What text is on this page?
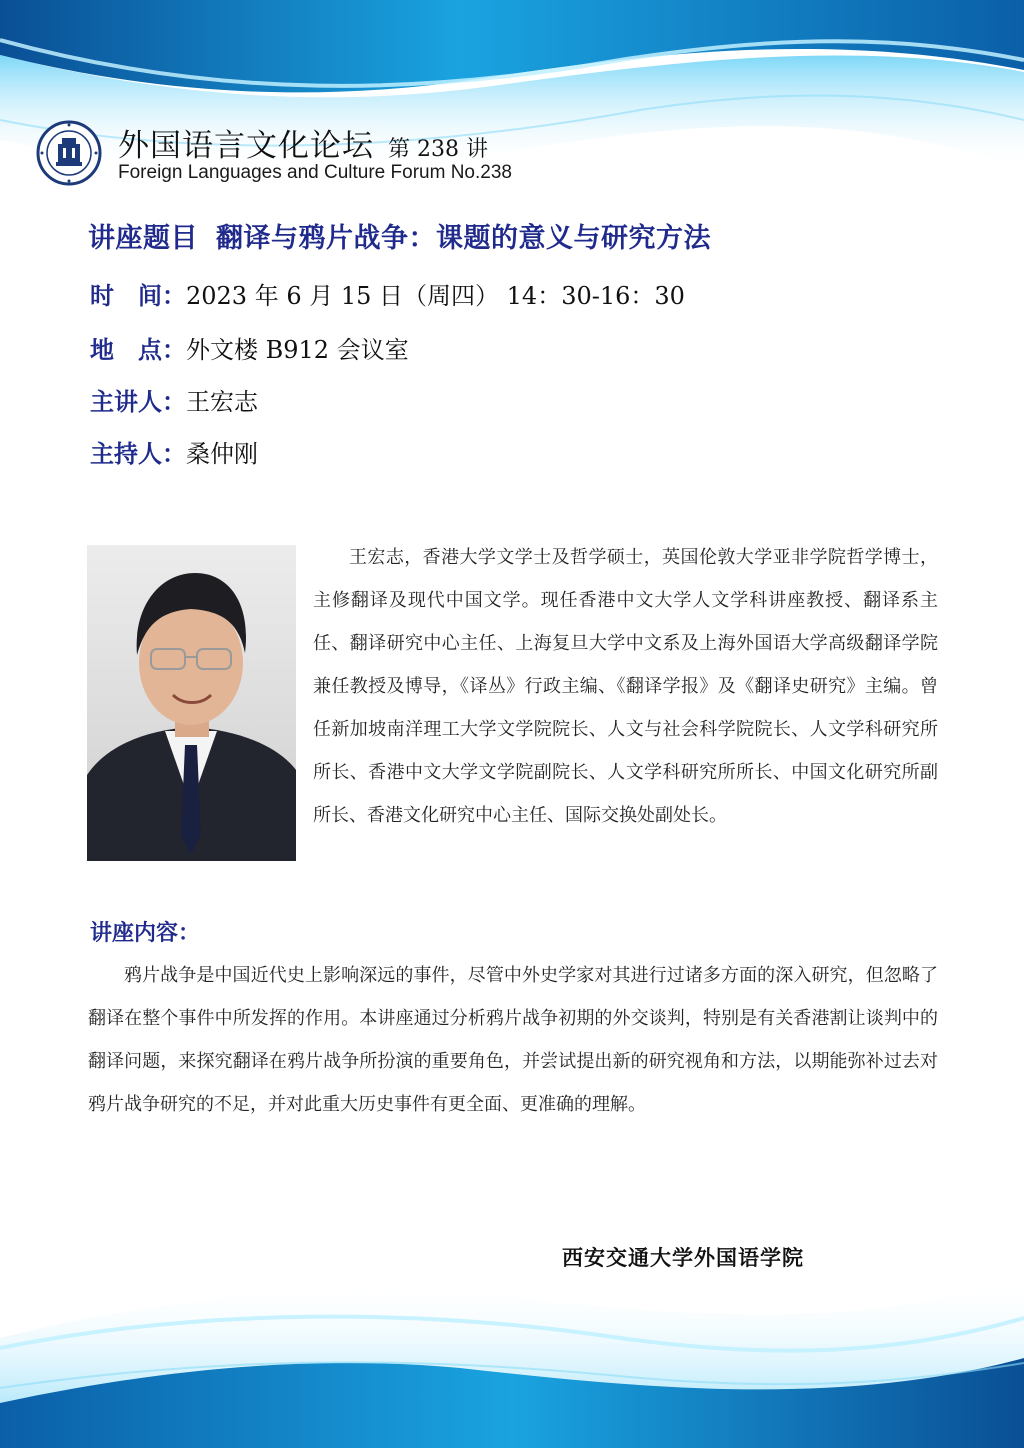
外国语言文化论坛 第 238 讲
Foreign Languages and Culture Forum No.238
讲座题目 翻译与鸦片战争：课题的意义与研究方法
时　间：2023 年 6 月 15 日（周四） 14：30-16：30
地　点：外文楼 B912 会议室
主讲人：王宏志
主持人：桑仲刚

王宏志，香港大学文学士及哲学硕士，英国伦敦大学亚非学院哲学博士，主修翻译及现代中国文学。现任香港中文大学人文学科讲座教授、翻译系主任、翻译研究中心主任、上海复旦大学中文系及上海外国语大学高级翻译学院兼任教授及博导，《译丛》行政主编、《翻译学报》及《翻译史研究》主编。曾任新加坡南洋理工大学文学院院长、人文与社会科学院院长、人文学科研究所所长、香港中文大学文学院副院长、人文学科研究所所长、中国文化研究所副所长、香港文化研究中心主任、国际交换处副处长。

讲座内容：

鸦片战争是中国近代史上影响深远的事件，尽管中外史学家对其进行过诸多方面的深入研究，但忽略了翻译在整个事件中所发挥的作用。本讲座通过分析鸦片战争初期的外交谈判，特别是有关香港割让谈判中的翻译问题，来探究翻译在鸦片战争所扮演的重要角色，并尝试提出新的研究视角和方法，以期能弥补过去对鸦片战争研究的不足，并对此重大历史事件有更全面、更准确的理解。

西安交通大学外国语学院
